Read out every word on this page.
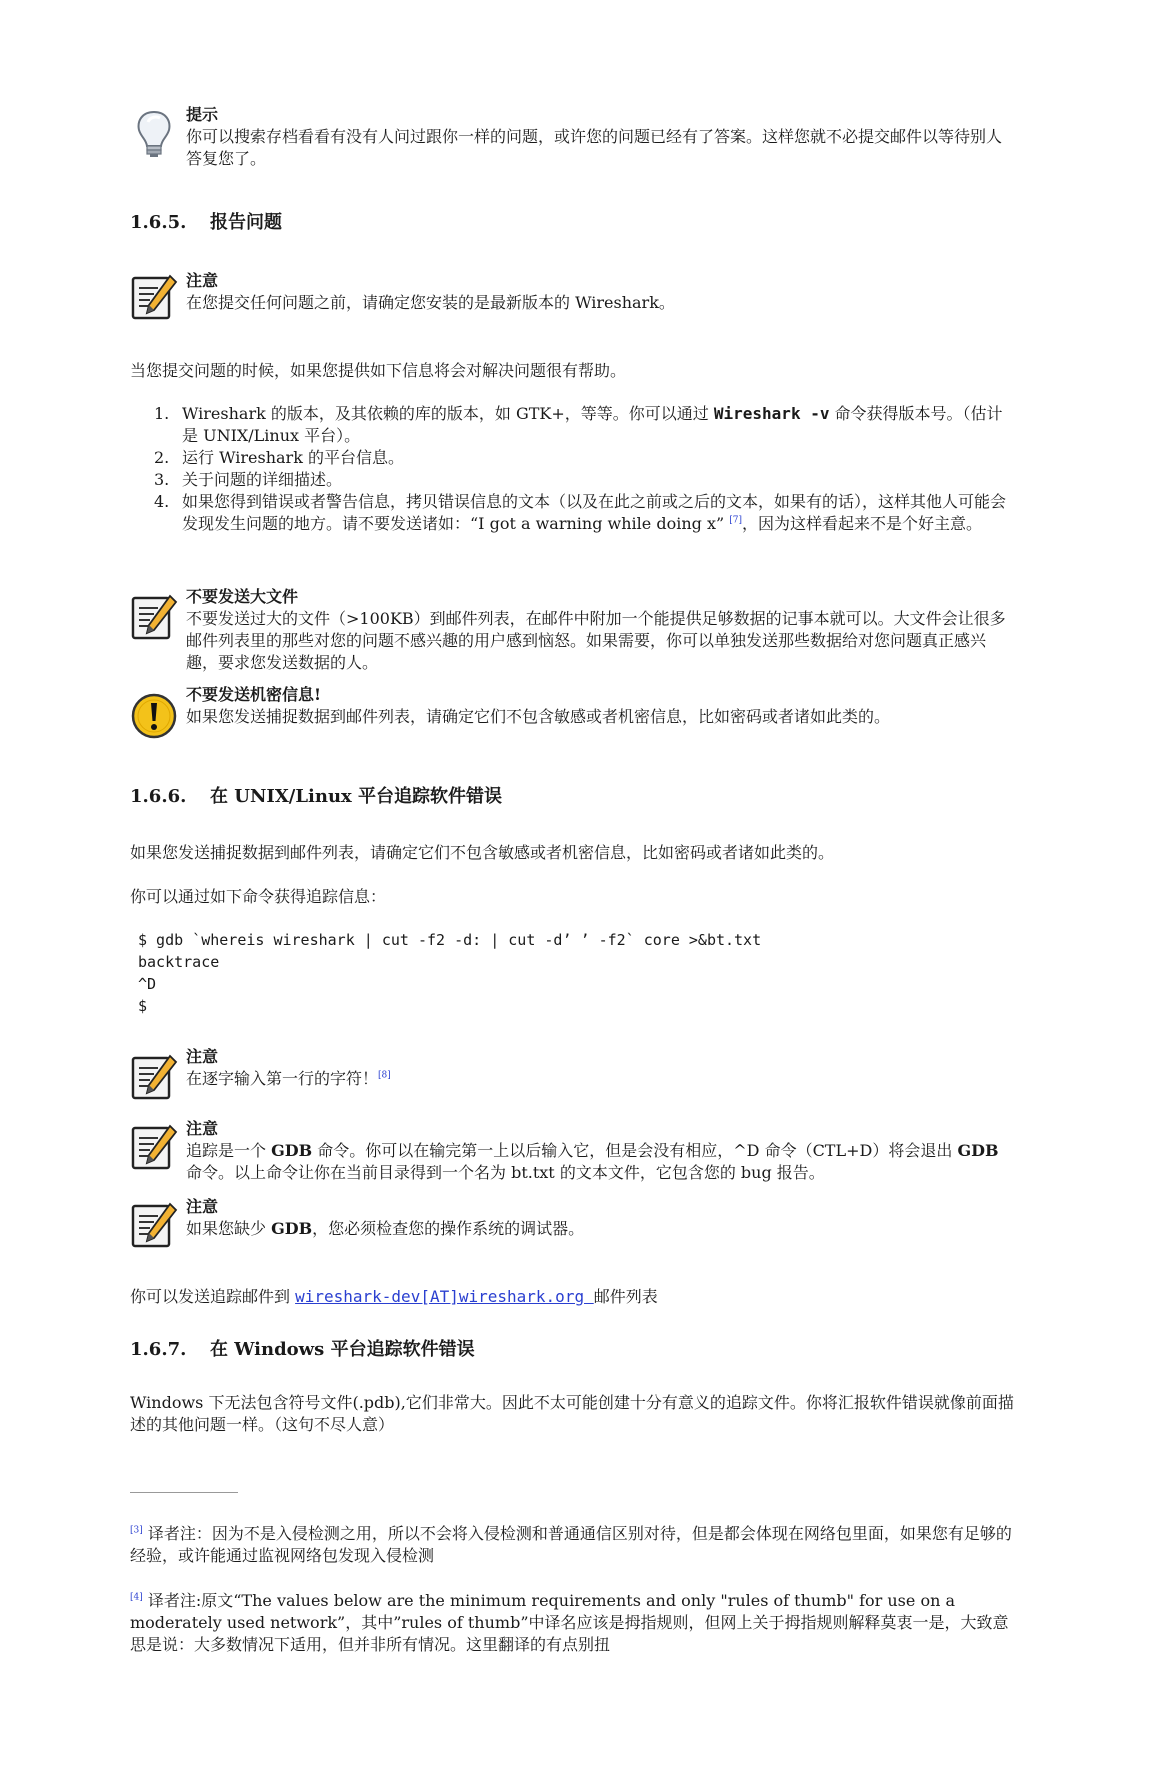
提示
你可以搜索存档看看有没有人问过跟你一样的问题，或许您的问题已经有了答案。这样您就不必提交邮件以等待别人答复您了。
1.6.5. 报告问题
注意
在您提交任何问题之前，请确定您安装的是最新版本的 Wireshark。

当您提交问题的时候，如果您提供如下信息将会对解决问题很有帮助。

1. Wireshark 的版本，及其依赖的库的版本，如 GTK+，等等。你可以通过 Wireshark -v 命令获得版本号。（估计是 UNIX/Linux 平台）。
2. 运行 Wireshark 的平台信息。
3. 关于问题的详细描述。
4. 如果您得到错误或者警告信息，拷贝错误信息的文本（以及在此之前或之后的文本，如果有的话），这样其他人可能会发现发生问题的地方。请不要发送诸如：“I got a warning while doing x” [7]，因为这样看起来不是个好主意。
不要发送大文件
不要发送过大的文件（>100KB）到邮件列表，在邮件中附加一个能提供足够数据的记事本就可以。大文件会让很多邮件列表里的那些对您的问题不感兴趣的用户感到恼怒。如果需要，你可以单独发送那些数据给对您问题真正感兴趣，要求您发送数据的人。
不要发送机密信息!
如果您发送捕捉数据到邮件列表，请确定它们不包含敏感或者机密信息，比如密码或者诸如此类的。
1.6.6. 在 UNIX/Linux 平台追踪软件错误

如果您发送捕捉数据到邮件列表，请确定它们不包含敏感或者机密信息，比如密码或者诸如此类的。

你可以通过如下命令获得追踪信息：

$ gdb `whereis wireshark | cut -f2 -d: | cut -d’ ’ -f2` core >&bt.txt
backtrace
^D
$
注意
在逐字输入第一行的字符！[8]
注意
追踪是一个 GDB 命令。你可以在输完第一上以后输入它，但是会没有相应，^D 命令（CTL+D）将会退出 GDB 命令。以上命令让你在当前目录得到一个名为 bt.txt 的文本文件，它包含您的 bug 报告。
注意
如果您缺少 GDB，您必须检查您的操作系统的调试器。

你可以发送追踪邮件到 wireshark-dev[AT]wireshark.org 邮件列表

1.6.7. 在 Windows 平台追踪软件错误

Windows 下无法包含符号文件(.pdb),它们非常大。因此不太可能创建十分有意义的追踪文件。你将汇报软件错误就像前面描述的其他问题一样。（这句不尽人意）

[3] 译者注：因为不是入侵检测之用，所以不会将入侵检测和普通通信区别对待，但是都会体现在网络包里面，如果您有足够的经验，或许能通过监视网络包发现入侵检测

[4] 译者注:原文“The values below are the minimum requirements and only "rules of thumb" for use on a moderately used network”，其中”rules of thumb”中译名应该是拇指规则，但网上关于拇指规则解释莫衷一是，大致意思是说：大多数情况下适用，但并非所有情况。这里翻译的有点别扭
